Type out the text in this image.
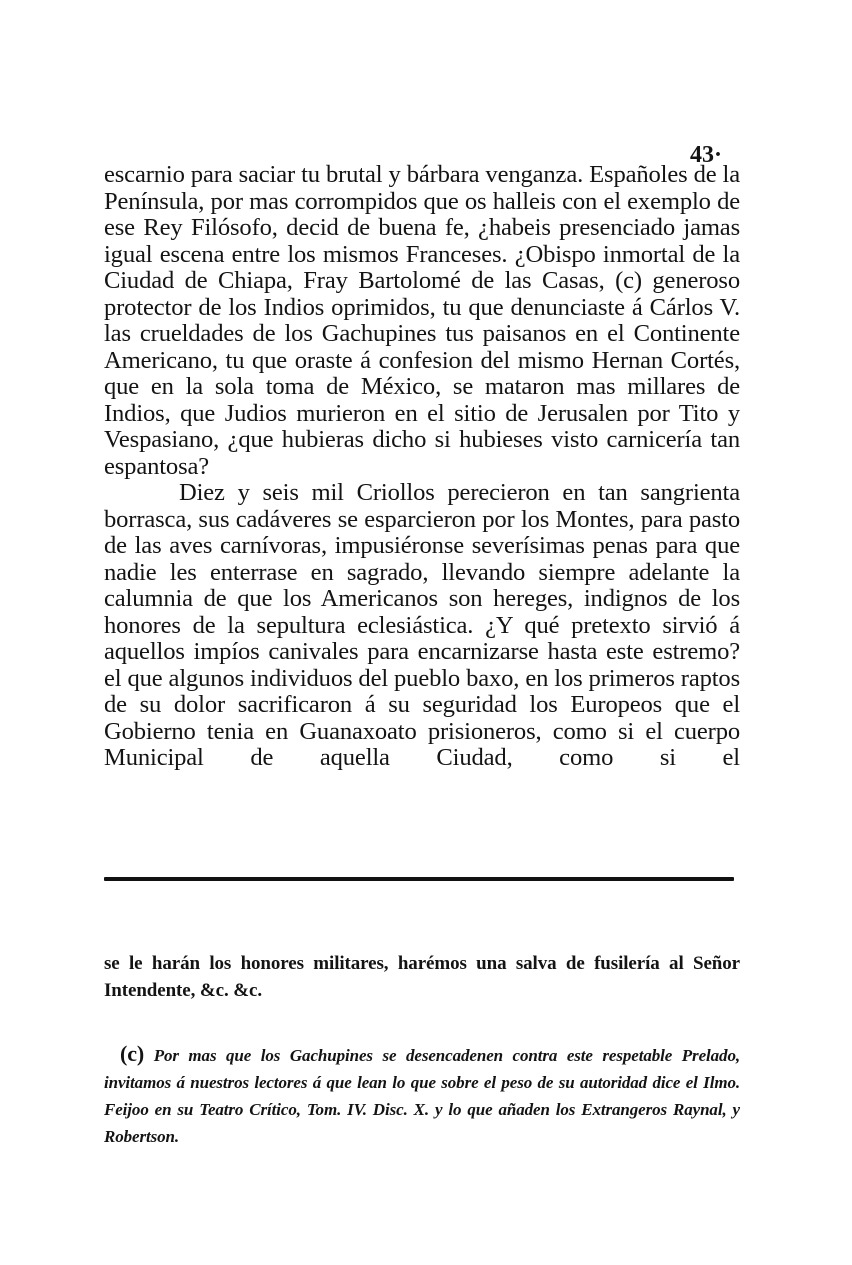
43·

escarnio para saciar tu brutal y bárbara venganza. Españoles de la Península, por mas corrompidos que os halleis con el exemplo de ese Rey Filósofo, decid de buena fe, ¿habeis presenciado jamas igual escena entre los mismos Franceses. ¿Obispo inmortal de la Ciudad de Chiapa, Fray Bartolomé de las Casas, (c) generoso protector de los Indios oprimidos, tu que denunciaste á Cárlos V. las crueldades de los Gachupines tus paisanos en el Continente Americano, tu que oraste á confesion del mismo Hernan Cortés, que en la sola toma de México, se mataron mas millares de Indios, que Judios murieron en el sitio de Jerusalen por Tito y Vespasiano, ¿que hubieras dicho si hubieses visto carnicería tan espantosa?

Diez y seis mil Criollos perecieron en tan sangrienta borrasca, sus cadáveres se esparcieron por los Montes, para pasto de las aves carnívoras, impusiéronse severísimas penas para que nadie les enterrase en sagrado, llevando siempre adelante la calumnia de que los Americanos son hereges, indignos de los honores de la sepultura eclesiástica. ¿Y qué pretexto sirvió á aquellos impíos canivales para encarnizarse hasta este estremo? el que algunos individuos del pueblo baxo, en los primeros raptos de su dolor sacrificaron á su seguridad los Europeos que el Gobierno tenia en Guanaxoato prisioneros, como si el cuerpo Municipal de aquella Ciudad, como si el

se le harán los honores militares, harémos una salva de fusilería al Señor Intendente, &c. &c.

(c) Por mas que los Gachupines se desencadenen contra este respetable Prelado, invitamos á nuestros lectores á que lean lo que sobre el peso de su autoridad dice el Ilmo. Feijoo en su Teatro Crítico, Tom. IV. Disc. X. y lo que añaden los Extrangeros Raynal, y Robertson.
